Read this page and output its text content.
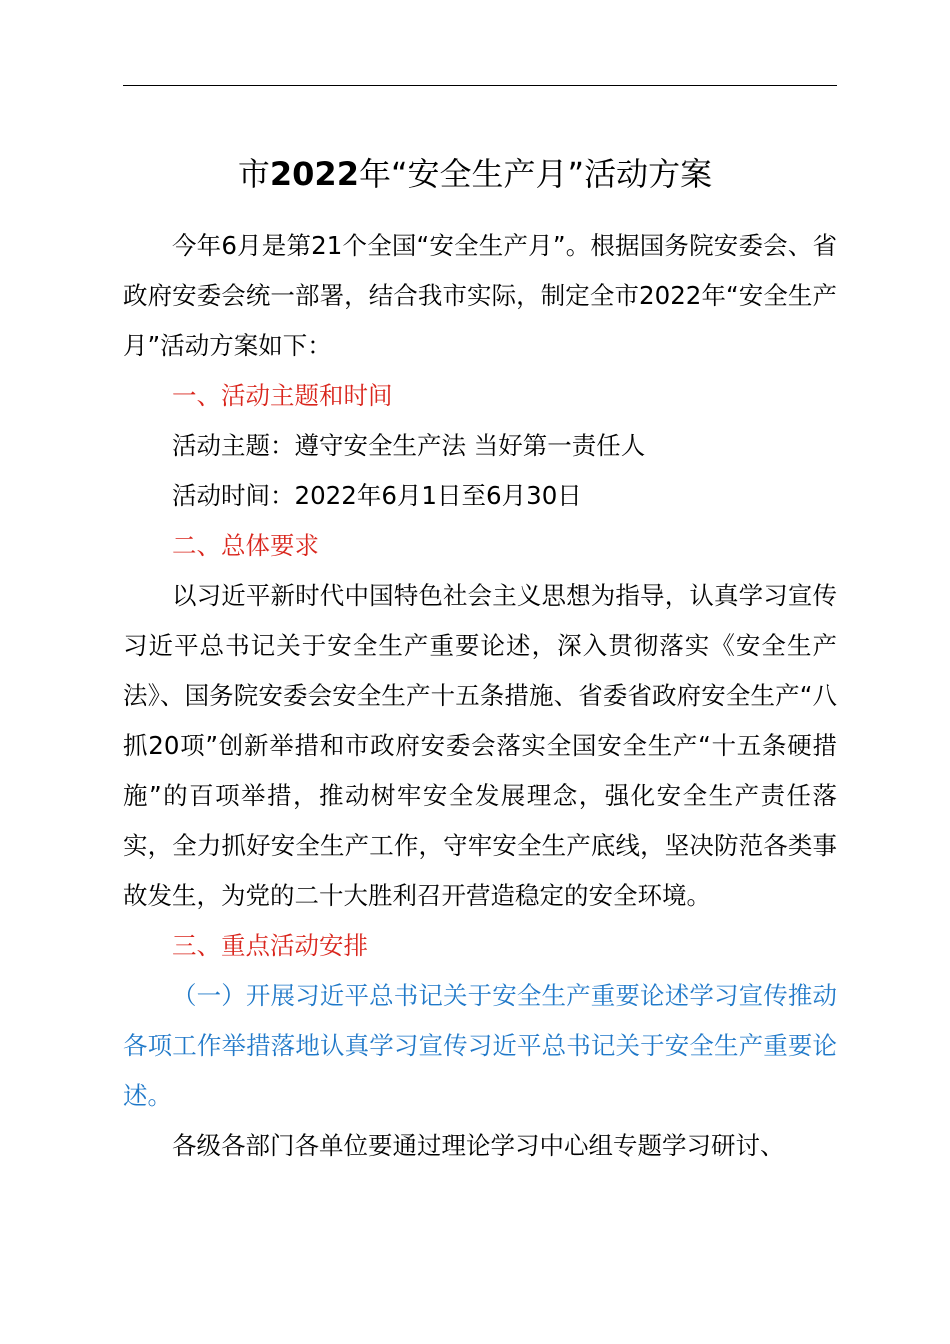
市2022年“安全生产月”活动方案

今年6月是第21个全国“安全生产月”。根据国务院安委会、省政府安委会统一部署，结合我市实际，制定全市2022年“安全生产月”活动方案如下：

一、活动主题和时间

活动主题：遵守安全生产法 当好第一责任人

活动时间：2022年6月1日至6月30日

二、总体要求

以习近平新时代中国特色社会主义思想为指导，认真学习宣传习近平总书记关于安全生产重要论述，深入贯彻落实《安全生产法》、国务院安委会安全生产十五条措施、省委省政府安全生产“八抓20项”创新举措和市政府安委会落实全国安全生产“十五条硬措施”的百项举措，推动树牢安全发展理念，强化安全生产责任落实，全力抓好安全生产工作，守牢安全生产底线，坚决防范各类事故发生，为党的二十大胜利召开营造稳定的安全环境。

三、重点活动安排

（一）开展习近平总书记关于安全生产重要论述学习宣传推动各项工作举措落地认真学习宣传习近平总书记关于安全生产重要论述。

各级各部门各单位要通过理论学习中心组专题学习研讨、
